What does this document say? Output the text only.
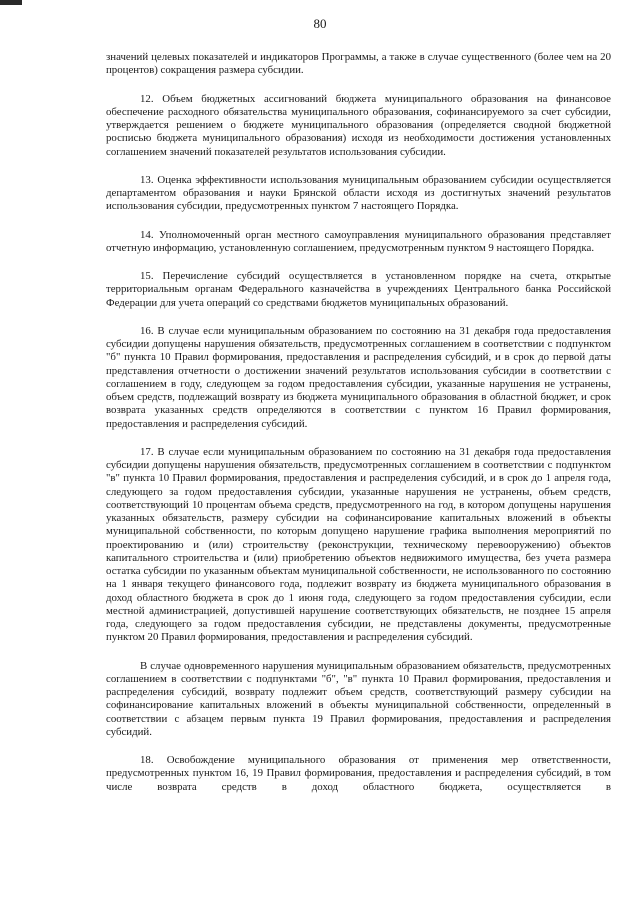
80

значений целевых показателей и индикаторов Программы, а также в случае существенного (более чем на 20 процентов) сокращения размера субсидии.

12. Объем бюджетных ассигнований бюджета муниципального образования на финансовое обеспечение расходного обязательства муниципального образования, софинансируемого за счет субсидии, утверждается решением о бюджете муниципального образования (определяется сводной бюджетной росписью бюджета муниципального образования) исходя из необходимости достижения установленных соглашением значений показателей результатов использования субсидии.

13. Оценка эффективности использования муниципальным образованием субсидии осуществляется департаментом образования и науки Брянской области исходя из достигнутых значений результатов использования субсидии, предусмотренных пунктом 7 настоящего Порядка.

14. Уполномоченный орган местного самоуправления муниципального образования представляет отчетную информацию, установленную соглашением, предусмотренным пунктом 9 настоящего Порядка.

15. Перечисление субсидий осуществляется в установленном порядке на счета, открытые территориальным органам Федерального казначейства в учреждениях Центрального банка Российской Федерации для учета операций со средствами бюджетов муниципальных образований.

16. В случае если муниципальным образованием по состоянию на 31 декабря года предоставления субсидии допущены нарушения обязательств, предусмотренных соглашением в соответствии с подпунктом "б" пункта 10 Правил формирования, предоставления и распределения субсидий, и в срок до первой даты представления отчетности о достижении значений результатов использования субсидии в соответствии с соглашением в году, следующем за годом предоставления субсидии, указанные нарушения не устранены, объем средств, подлежащий возврату из бюджета муниципального образования в областной бюджет, и срок возврата указанных средств определяются в соответствии с пунктом 16 Правил формирования, предоставления и распределения субсидий.

17. В случае если муниципальным образованием по состоянию на 31 декабря года предоставления субсидии допущены нарушения обязательств, предусмотренных соглашением в соответствии с подпунктом "в" пункта 10 Правил формирования, предоставления и распределения субсидий, и в срок до 1 апреля года, следующего за годом предоставления субсидии, указанные нарушения не устранены, объем средств, соответствующий 10 процентам объема средств, предусмотренного на год, в котором допущены нарушения указанных обязательств, размеру субсидии на софинансирование капитальных вложений в объекты муниципальной собственности, по которым допущено нарушение графика выполнения мероприятий по проектированию и (или) строительству (реконструкции, техническому перевооружению) объектов капитального строительства и (или) приобретению объектов недвижимого имущества, без учета размера остатка субсидии по указанным объектам муниципальной собственности, не использованного по состоянию на 1 января текущего финансового года, подлежит возврату из бюджета муниципального образования в доход областного бюджета в срок до 1 июня года, следующего за годом предоставления субсидии, если местной администрацией, допустившей нарушение соответствующих обязательств, не позднее 15 апреля года, следующего за годом предоставления субсидии, не представлены документы, предусмотренные пунктом 20 Правил формирования, предоставления и распределения субсидий.

В случае одновременного нарушения муниципальным образованием обязательств, предусмотренных соглашением в соответствии с подпунктами "б", "в" пункта 10 Правил формирования, предоставления и распределения субсидий, возврату подлежит объем средств, соответствующий размеру субсидии на софинансирование капитальных вложений в объекты муниципальной собственности, определенный в соответствии с абзацем первым пункта 19 Правил формирования, предоставления и распределения субсидий.

18. Освобождение муниципального образования от применения мер ответственности, предусмотренных пунктом 16, 19 Правил формирования, предоставления и распределения субсидий, в том числе возврата средств в доход областного бюджета, осуществляется в
